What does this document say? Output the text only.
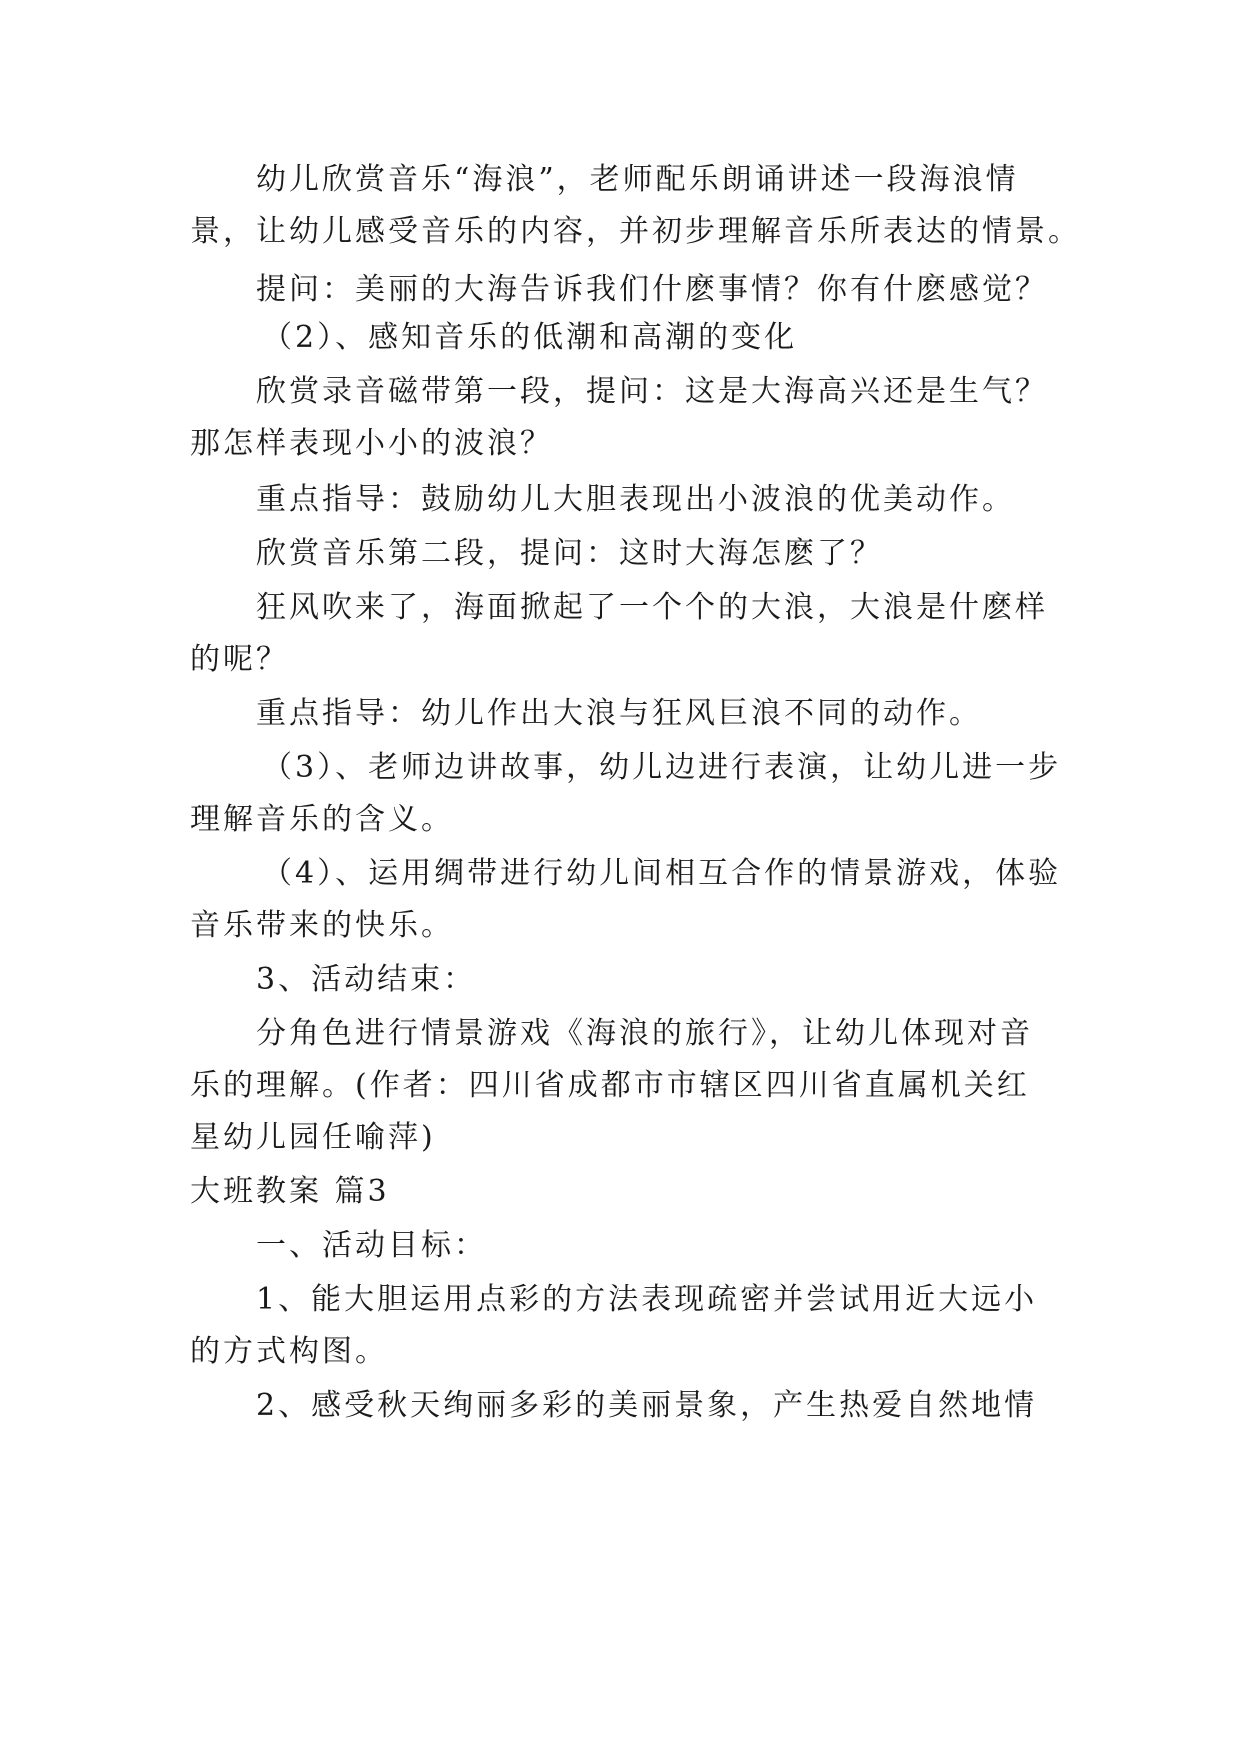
幼儿欣赏音乐“海浪”，老师配乐朗诵讲述一段海浪情
景，让幼儿感受音乐的内容，并初步理解音乐所表达的情景。
提问：美丽的大海告诉我们什麽事情？你有什麽感觉？
（2）、感知音乐的低潮和高潮的变化
欣赏录音磁带第一段，提问：这是大海高兴还是生气？
那怎样表现小小的波浪？
重点指导：鼓励幼儿大胆表现出小波浪的优美动作。
欣赏音乐第二段，提问：这时大海怎麽了？
狂风吹来了，海面掀起了一个个的大浪，大浪是什麽样
的呢？
重点指导：幼儿作出大浪与狂风巨浪不同的动作。
（3）、老师边讲故事，幼儿边进行表演，让幼儿进一步
理解音乐的含义。
（4）、运用绸带进行幼儿间相互合作的情景游戏，体验
音乐带来的快乐。
3、活动结束：
分角色进行情景游戏《海浪的旅行》，让幼儿体现对音
乐的理解。(作者：四川省成都市市辖区四川省直属机关红
星幼儿园任喻萍)
大班教案 篇3
一、活动目标：
1、能大胆运用点彩的方法表现疏密并尝试用近大远小
的方式构图。
2、感受秋天绚丽多彩的美丽景象，产生热爱自然地情
